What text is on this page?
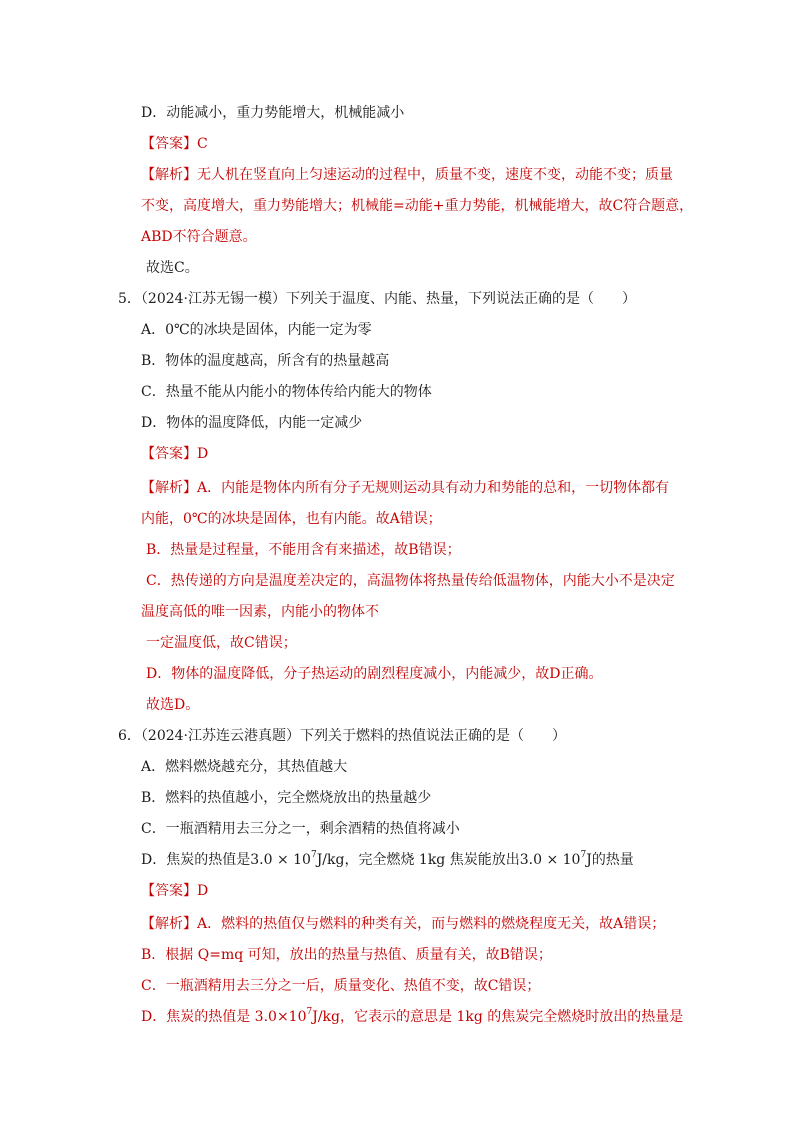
D．动能减小，重力势能增大，机械能减小
【答案】C
【解析】无人机在竖直向上匀速运动的过程中，质量不变，速度不变，动能不变；质量
不变，高度增大，重力势能增大；机械能=动能+重力势能，机械能增大，故C符合题意，
ABD不符合题意。
故选C。
5．（2024·江苏无锡一模）下列关于温度、内能、热量，下列说法正确的是（　　）
A．0℃的冰块是固体，内能一定为零
B．物体的温度越高，所含有的热量越高
C．热量不能从内能小的物体传给内能大的物体
D．物体的温度降低，内能一定减少
【答案】D
【解析】A．内能是物体内所有分子无规则运动具有动力和势能的总和，一切物体都有
内能，0℃的冰块是固体，也有内能。故A错误；
B．热量是过程量，不能用含有来描述，故B错误；
C．热传递的方向是温度差决定的，高温物体将热量传给低温物体，内能大小不是决定
温度高低的唯一因素，内能小的物体不
一定温度低，故C错误；
D．物体的温度降低，分子热运动的剧烈程度减小，内能减少，故D正确。
故选D。
6．（2024·江苏连云港真题）下列关于燃料的热值说法正确的是（　　）
A．燃料燃烧越充分，其热值越大
B．燃料的热值越小，完全燃烧放出的热量越少
C．一瓶酒精用去三分之一，剩余酒精的热值将减小
D．焦炭的热值是$3.0 \times 10^7J/kg$，完全燃烧 1kg 焦炭能放出$3.0 \times 10^7J$的热量
【答案】D
【解析】A．燃料的热值仅与燃料的种类有关，而与燃料的燃烧程度无关，故A错误；
B．根据 Q=mq 可知，放出的热量与热值、质量有关，故B错误；
C．一瓶酒精用去三分之一后，质量变化、热值不变，故C错误；
D．焦炭的热值是 $3.0\times 10^7J/kg$，它表示的意思是 1kg 的焦炭完全燃烧时放出的热量是
